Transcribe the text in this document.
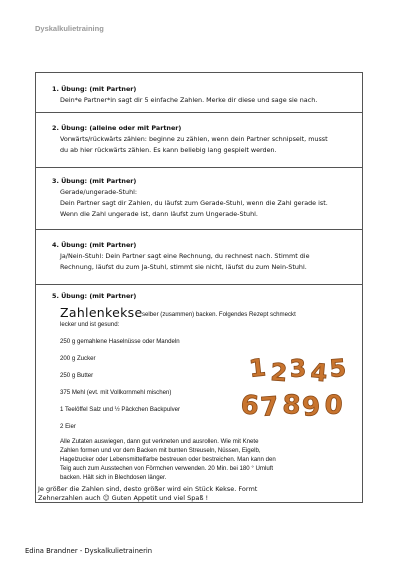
Dyskalkulietraining
1. Übung: (mit Partner)
Dein*e Partner*in sagt dir 5 einfache Zahlen. Merke dir diese und sage sie nach.
2. Übung: (alleine oder mit Partner)
Vorwärts/rückwärts zählen: beginne zu zählen, wenn dein Partner schnipselt, musst
du ab hier rückwärts zählen. Es kann beliebig lang gespielt werden.
3. Übung: (mit Partner)
Gerade/ungerade-Stuhl:
Dein Partner sagt dir Zahlen, du läufst zum Gerade-Stuhl, wenn die Zahl gerade ist.
Wenn die Zahl ungerade ist, dann läufst zum Ungerade-Stuhl.
4. Übung: (mit Partner)
Ja/Nein-Stuhl: Dein Partner sagt eine Rechnung, du rechnest nach. Stimmt die
Rechnung, läufst du zum Ja-Stuhl, stimmt sie nicht, läufst du zum Nein-Stuhl.
5. Übung: (mit Partner)
Zahlenkekse selber (zusammen) backen. Folgendes Rezept schmeckt
lecker und ist gesund:
250 g gemahlene Haselnüsse oder Mandeln
200 g Zucker
250 g Butter
375 Mehl (evt. mit Vollkornmehl mischen)
1 Teelöffel Salz und ½ Päckchen Backpulver
2 Eier
Alle Zutaten auswiegen, dann gut verkneten und ausrollen. Wie mit Knete
Zahlen formen und vor dem Backen mit bunten Streuseln, Nüssen, Eigelb,
Hagelzucker oder Lebensmittelfarbe bestreuen oder bestreichen. Man kann den
Teig auch zum Ausstechen von Förmchen verwenden. 20 Min. bei 180 ° Umluft
backen. Hält sich in Blechdosen länger.
Je größer die Zahlen sind, desto größer wird ein Stück Kekse. Formt
Zehnerzahlen auch ☺ Guten Appetit und viel Spaß !
1 2 3 4 5
6 7 8 9 0
Edina Brandner - Dyskalkulietrainerin
